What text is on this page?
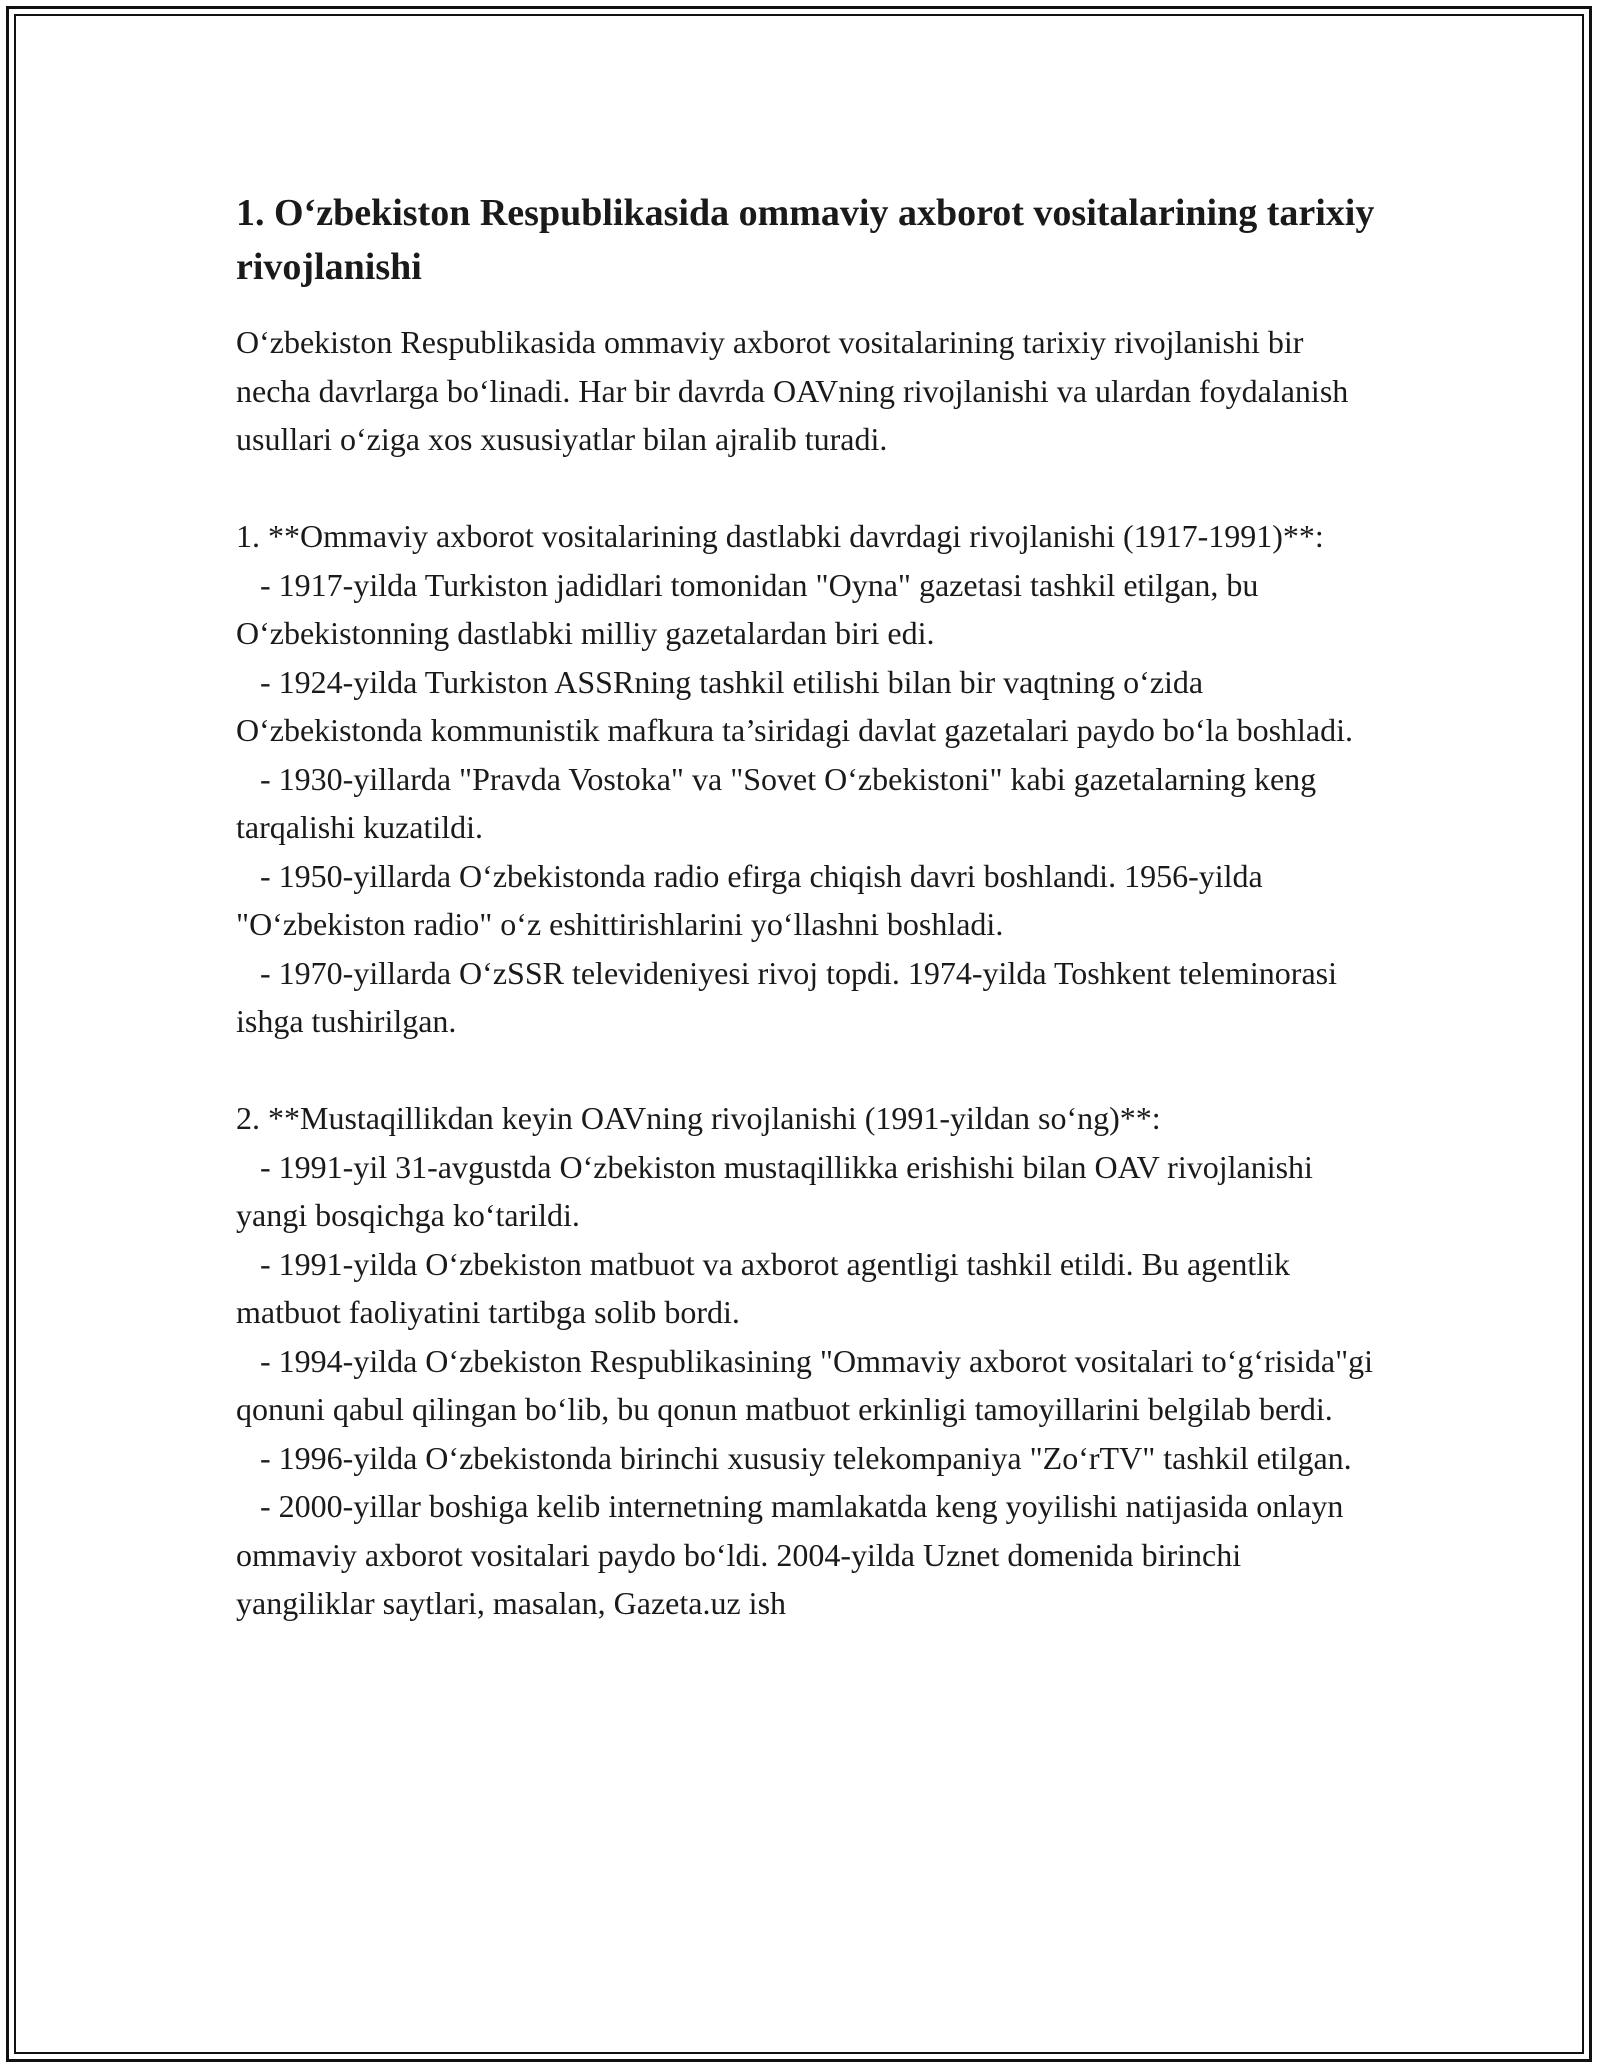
1. O‘zbekiston Respublikasida ommaviy axborot vositalarining tarixiy rivojlanishi

O‘zbekiston Respublikasida ommaviy axborot vositalarining tarixiy rivojlanishi bir necha davrlarga bo‘linadi. Har bir davrda OAVning rivojlanishi va ulardan foydalanish usullari o‘ziga xos xususiyatlar bilan ajralib turadi.

1. **Ommaviy axborot vositalarining dastlabki davrdagi rivojlanishi (1917-1991)**:

- 1917-yilda Turkiston jadidlari tomonidan "Oyna" gazetasi tashkil etilgan, bu O‘zbekistonning dastlabki milliy gazetalardan biri edi.

- 1924-yilda Turkiston ASSRning tashkil etilishi bilan bir vaqtning o‘zida O‘zbekistonda kommunistik mafkura ta’siridagi davlat gazetalari paydo bo‘la boshladi.

- 1930-yillarda "Pravda Vostoka" va "Sovet O‘zbekistoni" kabi gazetalarning keng tarqalishi kuzatildi.

- 1950-yillarda O‘zbekistonda radio efirga chiqish davri boshlandi. 1956-yilda "O‘zbekiston radio" o‘z eshittirishlarini yo‘llashni boshladi.

- 1970-yillarda O‘zSSR televideniyesi rivoj topdi. 1974-yilda Toshkent teleminorasi ishga tushirilgan.

2. **Mustaqillikdan keyin OAVning rivojlanishi (1991-yildan so‘ng)**:

- 1991-yil 31-avgustda O‘zbekiston mustaqillikka erishishi bilan OAV rivojlanishi yangi bosqichga ko‘tarildi.

- 1991-yilda O‘zbekiston matbuot va axborot agentligi tashkil etildi. Bu agentlik matbuot faoliyatini tartibga solib bordi.

- 1994-yilda O‘zbekiston Respublikasining "Ommaviy axborot vositalari to‘g‘risida"gi qonuni qabul qilingan bo‘lib, bu qonun matbuot erkinligi tamoyillarini belgilab berdi.

- 1996-yilda O‘zbekistonda birinchi xususiy telekompaniya "Zo‘rTV" tashkil etilgan.

- 2000-yillar boshiga kelib internetning mamlakatda keng yoyilishi natijasida onlayn ommaviy axborot vositalari paydo bo‘ldi. 2004-yilda Uznet domenida birinchi yangiliklar saytlari, masalan, Gazeta.uz ish
